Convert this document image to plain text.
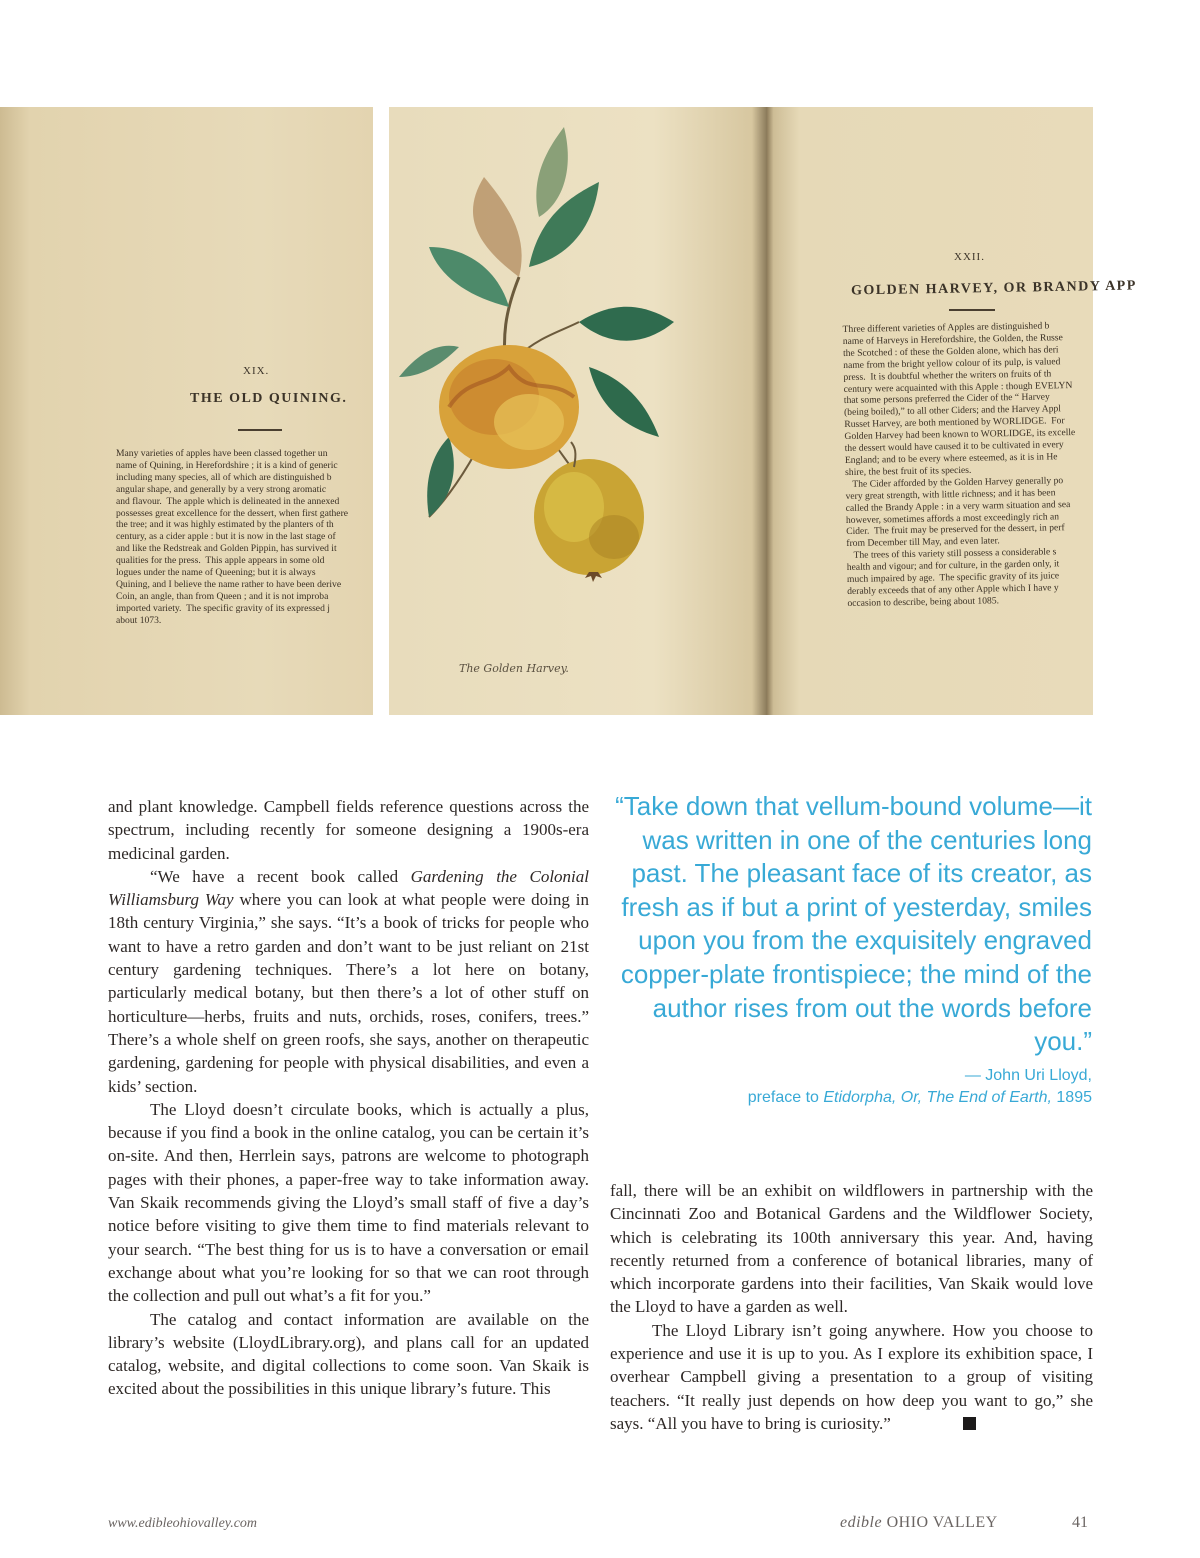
XIX.
THE OLD QUINING.
Many varieties of apples have been classed together un
name of Quining, in Herefordshire ; it is a kind of generic
including many species, all of which are distinguished b
angular shape, and generally by a very strong aromatic
and flavour.  The apple which is delineated in the annexed
possesses great excellence for the dessert, when first gathere
the tree; and it was highly estimated by the planters of th
century, as a cider apple : but it is now in the last stage of
and like the Redstreak and Golden Pippin, has survived it
qualities for the press.  This apple appears in some old
logues under the name of Queening; but it is always
Quining, and I believe the name rather to have been derive
Coin, an angle, than from Queen ; and it is not improba
imported variety.  The specific gravity of its expressed j
about 1073.
The Golden Harvey.
XXII.
GOLDEN HARVEY, OR BRANDY APP
Three different varieties of Apples are distinguished b
name of Harveys in Herefordshire, the Golden, the Russe
the Scotched : of these the Golden alone, which has deri
name from the bright yellow colour of its pulp, is valued
press.  It is doubtful whether the writers on fruits of th
century were acquainted with this Apple : though EVELYN
that some persons preferred the Cider of the “ Harvey
(being boiled),” to all other Ciders; and the Harvey Appl
Russet Harvey, are both mentioned by WORLIDGE.  For
Golden Harvey had been known to WORLIDGE, its excelle
the dessert would have caused it to be cultivated in every
England; and to be every where esteemed, as it is in He
shire, the best fruit of its species.
The Cider afforded by the Golden Harvey generally po
very great strength, with little richness; and it has been
called the Brandy Apple : in a very warm situation and sea
however, sometimes affords a most exceedingly rich an
Cider.  The fruit may be preserved for the dessert, in perf
from December till May, and even later.
The trees of this variety still possess a considerable s
health and vigour; and for culture, in the garden only, it
much impaired by age.  The specific gravity of its juice
derably exceeds that of any other Apple which I have y
occasion to describe, being about 1085.

and plant knowledge. Campbell fields reference questions across the spectrum, including recently for someone designing a 1900s-era medicinal garden.

“We have a recent book called Gardening the Colonial Williamsburg Way where you can look at what people were doing in 18th century Virginia,” she says. “It’s a book of tricks for people who want to have a retro garden and don’t want to be just reliant on 21st century gardening techniques. There’s a lot here on botany, particularly medical botany, but then there’s a lot of other stuff on horticulture—herbs, fruits and nuts, orchids, roses, conifers, trees.” There’s a whole shelf on green roofs, she says, another on therapeutic gardening, gardening for people with physical disabilities, and even a kids’ section.

The Lloyd doesn’t circulate books, which is actually a plus, because if you find a book in the online catalog, you can be certain it’s on-site. And then, Herrlein says, patrons are welcome to photograph pages with their phones, a paper-free way to take information away. Van Skaik recommends giving the Lloyd’s small staff of five a day’s notice before visiting to give them time to find materials relevant to your search. “The best thing for us is to have a conversation or email exchange about what you’re looking for so that we can root through the collection and pull out what’s a fit for you.”

The catalog and contact information are available on the library’s website (LloydLibrary.org), and plans call for an updated catalog, website, and digital collections to come soon. Van Skaik is excited about the possibilities in this unique library’s future. This

“Take down that vellum-bound volume—it was written in one of the centuries long past. The pleasant face of its creator, as fresh as if but a print of yesterday, smiles upon you from the exquisitely engraved copper-plate frontispiece; the mind of the author rises from out the words before you.”

— John Uri Lloyd,

preface to Etidorpha, Or, The End of Earth, 1895

fall, there will be an exhibit on wildflowers in partnership with the Cincinnati Zoo and Botanical Gardens and the Wildflower Society, which is celebrating its 100th anniversary this year. And, having recently returned from a conference of botanical libraries, many of which incorporate gardens into their facilities, Van Skaik would love the Lloyd to have a garden as well.

The Lloyd Library isn’t going anywhere. How you choose to experience and use it is up to you. As I explore its exhibition space, I overhear Campbell giving a presentation to a group of visiting teachers. “It really just depends on how deep you want to go,” she says. “All you have to bring is curiosity.”

www.edibleohiovalley.com	edible OHIO VALLEY	41
